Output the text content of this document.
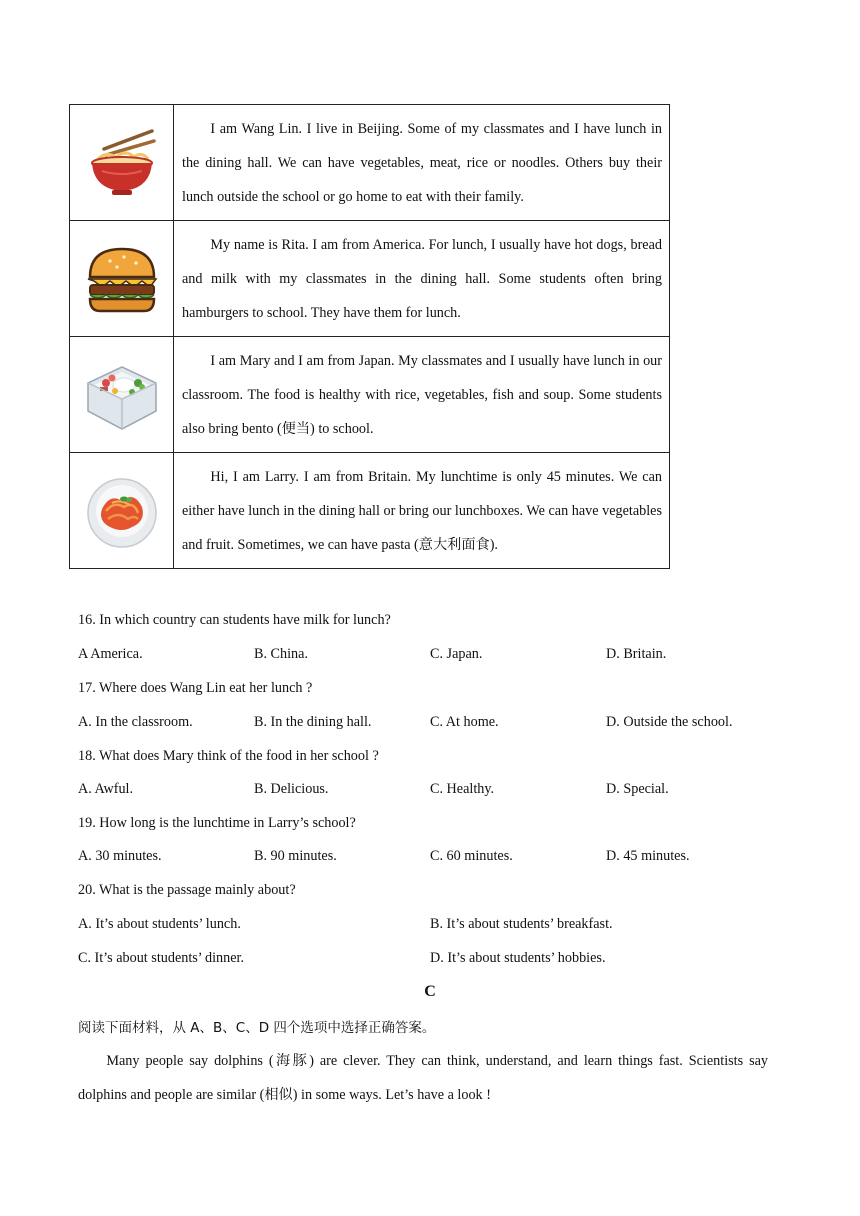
	I am Wang Lin. I live in Beijing. Some of my classmates and I have lunch in the dining hall. We can have vegetables, meat, rice or noodles. Others buy their lunch outside the school or go home to eat with their family.

	My name is Rita. I am from America. For lunch, I usually have hot dogs, bread and milk with my classmates in the dining hall. Some students often bring hamburgers to school. They have them for lunch.

	I am Mary and I am from Japan. My classmates and I usually have lunch in our classroom. The food is healthy with rice, vegetables, fish and soup. Some students also bring bento (便当) to school.

	Hi, I am Larry. I am from Britain. My lunchtime is only 45 minutes. We can either have lunch in the dining hall or bring our lunchboxes. We can have vegetables and fruit. Sometimes, we can have pasta (意大利面食).
16. In which country can students have milk for lunch?
A America.	B. China.	C. Japan.	D. Britain.
17. Where does Wang Lin eat her lunch ?
A. In the classroom.	B. In the dining hall.	C. At home.	D. Outside the school.
18. What does Mary think of the food in her school ?
A. Awful.	B. Delicious.	C. Healthy.	D. Special.
19. How long is the lunchtime in Larry’s school?
A. 30 minutes.	B. 90 minutes.	C. 60 minutes.	D. 45 minutes.
20. What is the passage mainly about?
A. It’s about students’ lunch.	B. It’s about students’ breakfast.
C. It’s about students’ dinner.	D. It’s about students’ hobbies.
C
阅读下面材料，从 A、B、C、D 四个选项中选择正确答案。
Many people say dolphins (海豚) are clever. They can think, understand, and learn things fast. Scientists say dolphins and people are similar (相似) in some ways. Let’s have a look !
